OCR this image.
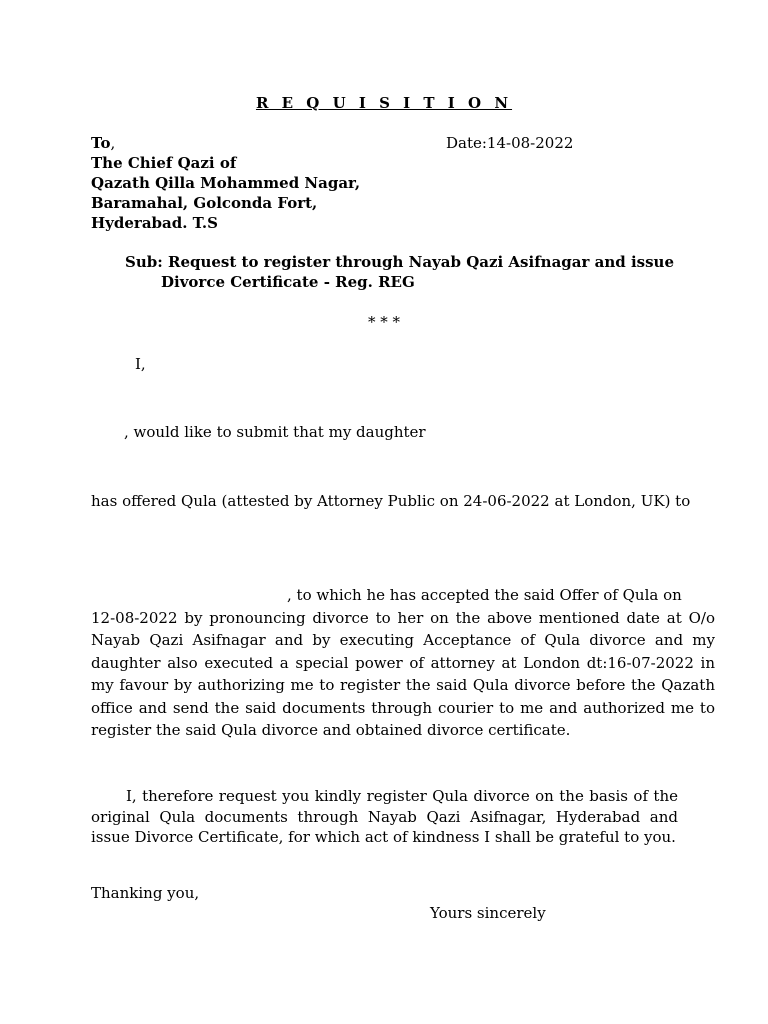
R E Q U I S I T I O N
To,
The Chief Qazi of
Qazath Qilla Mohammed Nagar,
Baramahal, Golconda Fort,
Hyderabad. T.S
Date:14-08-2022
Sub: Request to register through Nayab Qazi Asifnagar and issue
Divorce Certificate - Reg. REG
* * *
I,
, would like to submit that my daughter
has offered Qula (attested by Attorney Public on 24-06-2022 at London, UK) to
, to which he has accepted the said Offer of Qula on
12-08-2022 by pronouncing divorce to her on the above mentioned date at O/o Nayab Qazi Asifnagar and by executing Acceptance of Qula divorce and my daughter also executed a special power of attorney at London dt:16-07-2022 in my favour by authorizing me to register the said Qula divorce before the Qazath office and send the said documents through courier to me and authorized me to register the said Qula divorce and obtained divorce certificate.
I, therefore request you kindly register Qula divorce on the basis of the original Qula documents through Nayab Qazi Asifnagar, Hyderabad and issue Divorce Certificate, for which act of kindness I shall be grateful to you.
Thanking you,
Yours sincerely
